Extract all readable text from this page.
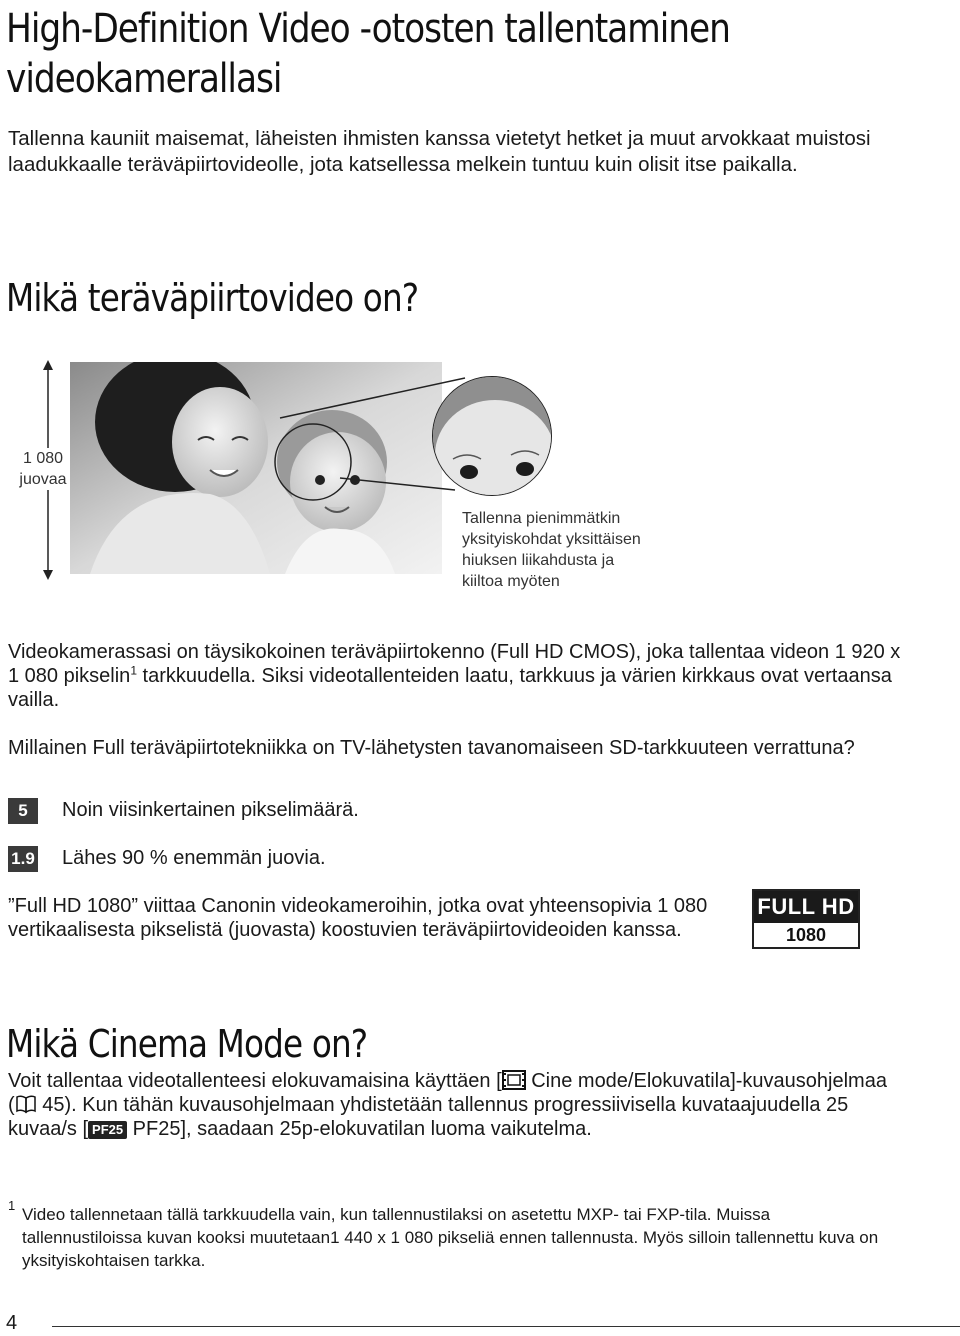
High-Definition Video -otosten tallentaminen videokamerallasi

Tallenna kauniit maisemat, läheisten ihmisten kanssa vietetyt hetket ja muut arvokkaat muistosi laadukkaalle teräväpiirtovideolle, jota katsellessa melkein tuntuu kuin olisit itse paikalla.

Mikä teräväpiirtovideo on?
1 080
juovaa
Tallenna pienimmätkin
yksityiskohdat yksittäisen
hiuksen liikahdusta ja
kiiltoa myöten

Videokamerassasi on täysikokoinen teräväpiirtokenno (Full HD CMOS), joka tallentaa videon 1 920 x 1 080 pikselin$^1$ tarkkuudella. Siksi videotallenteiden laatu, tarkkuus ja värien kirkkaus ovat vertaansa vailla.

Millainen Full teräväpiirtotekniikka on TV-lähetysten tavanomaiseen SD-tarkkuuteen verrattuna?

5	Noin viisinkertainen pikselimäärä.
1.9 Lähes 90 % enemmän juovia.

”Full HD 1080” viittaa Canonin videokameroihin, jotka ovat yhteensopivia 1 080 vertikaalisesta pikselistä (juovasta) koostuvien teräväpiirtovideoiden kanssa.

FULL HD
1080
Mikä Cinema Mode on?

Voit tallentaa videotallenteesi elokuvamaisina käyttäen [ Cine mode/Elokuvatila]-kuvausohjelmaa ( 45). Kun tähän kuvausohjelmaan yhdistetään tallennus progressiivisella kuvataajuudella 25 kuvaa/s [ PF25 PF25], saadaan 25p-elokuvatilan luoma vaikutelma.

1 Video tallennetaan tällä tarkkuudella vain, kun tallennustilaksi on asetettu MXP- tai FXP-tila. Muissa tallennustiloissa kuvan kooksi muutetaan1 440 x 1 080 pikseliä ennen tallennusta. Myös silloin tallennettu kuva on yksityiskohtaisen tarkka.

4
